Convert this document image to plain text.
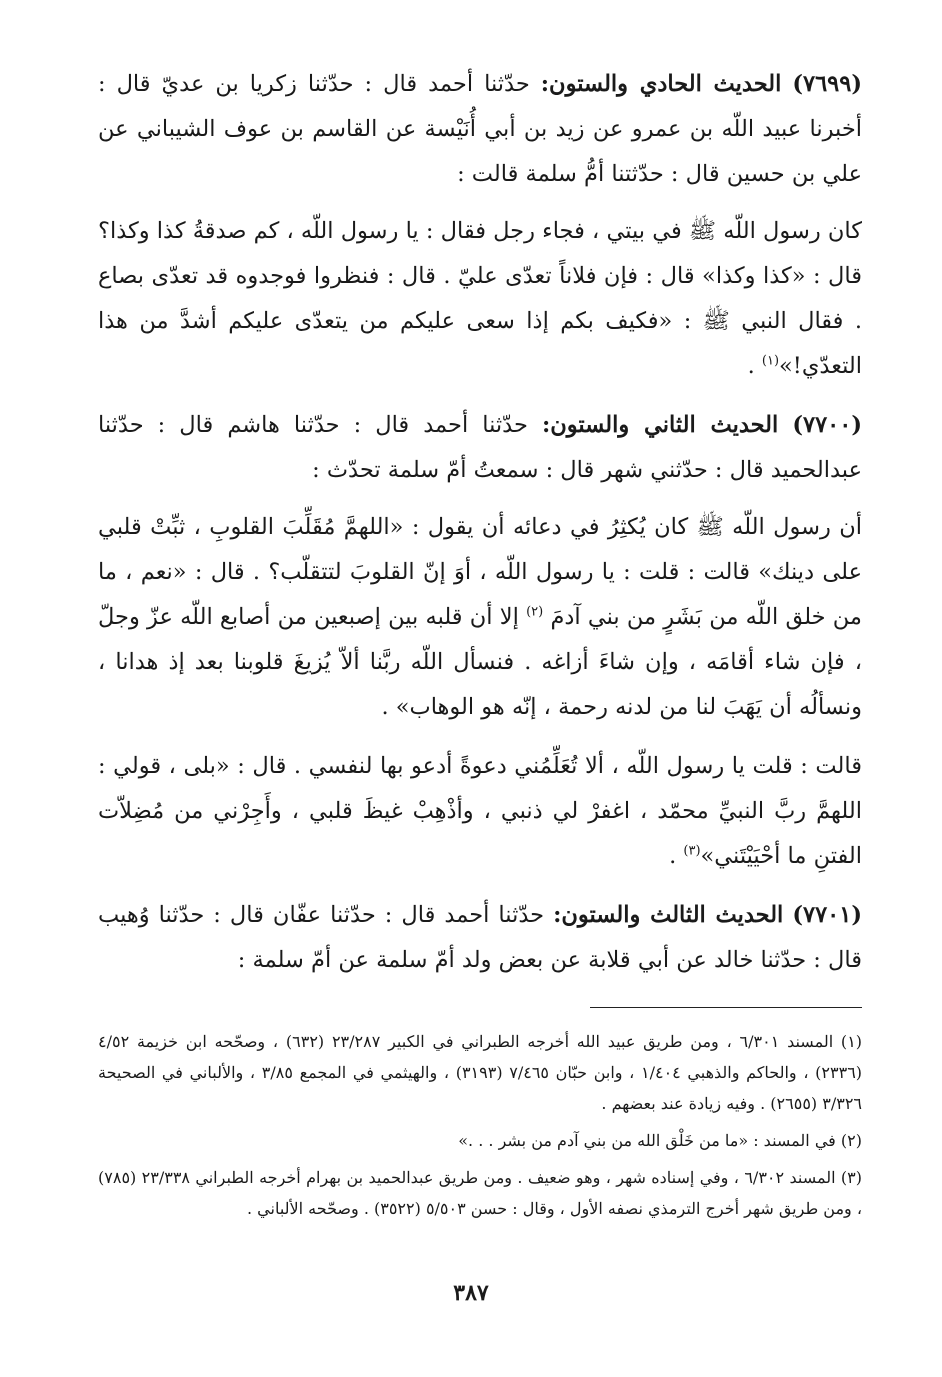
(٧٦٩٩) الحديث الحادي والستون: حدّثنا أحمد قال : حدّثنا زكريا بن عديّ قال : أخبرنا عبيد اللّه بن عمرو عن زيد بن أبي أُنَيْسة عن القاسم بن عوف الشيباني عن علي بن حسين قال : حدّثتنا أمُّ سلمة قالت :

كان رسول اللّه ﷺ في بيتي ، فجاء رجل فقال : يا رسول اللّه ، كم صدقةُ كذا وكذا؟ قال : «كذا وكذا» قال : فإن فلاناً تعدّى عليّ . قال : فنظروا فوجدوه قد تعدّى بصاع . فقال النبي ﷺ : «فكيف بكم إذا سعى عليكم من يتعدّى عليكم أشدَّ من هذا التعدّي!»$^{(١)}$ .

(٧٧٠٠) الحديث الثاني والستون: حدّثنا أحمد قال : حدّثنا هاشم قال : حدّثنا عبدالحميد قال : حدّثني شهر قال : سمعتُ أمّ سلمة تحدّث :

أن رسول اللّه ﷺ كان يُكثِرُ في دعائه أن يقول : «اللهمَّ مُقَلِّبَ القلوبِ ، ثبِّتْ قلبي على دينك» قالت : قلت : يا رسول اللّه ، أوَ إنّ القلوبَ لتتقلّب؟ . قال : «نعم ، ما من خلق اللّه من بَشَرٍ من بني آدمَ $^{(٢)}$ إلا أن قلبه بين إصبعين من أصابع اللّه عزّ وجلّ ، فإن شاء أقامَه ، وإن شاءَ أزاغه . فنسأل اللّه ربَّنا ألاّ يُزيغَ قلوبنا بعد إذ هدانا ، ونسألُه أن يَهَبَ لنا من لدنه رحمة ، إنّه هو الوهاب» .

قالت : قلت يا رسول اللّه ، ألا تُعَلِّمُني دعوةً أدعو بها لنفسي . قال : «بلى ، قولي : اللهمَّ ربَّ النبيِّ محمّد ، اغفرْ لي ذنبي ، وأذْهِبْ غيظَ قلبي ، وأَجِرْني من مُضِلاّت الفتنِ ما أحْيَيْتَني»$^{(٣)}$ .

(٧٧٠١) الحديث الثالث والستون: حدّثنا أحمد قال : حدّثنا عفّان قال : حدّثنا وُهيب قال : حدّثنا خالد عن أبي قلابة عن بعض ولد أمّ سلمة عن أمّ سلمة :

(١) المسند ٦/٣٠١ ، ومن طريق عبيد الله أخرجه الطبراني في الكبير ٢٣/٢٨٧ (٦٣٢) ، وصحّحه ابن خزيمة ٤/٥٢ (٢٣٣٦) ، والحاكم والذهبي ١/٤٠٤ ، وابن حبّان ٧/٤٦٥ (٣١٩٣) ، والهيثمي في المجمع ٣/٨٥ ، والألباني في الصحيحة ٣/٣٢٦ (٢٦٥٥) . وفيه زيادة عند بعضهم .

(٢) في المسند : «ما من خَلْق الله من بني آدم من بشر . . .»

(٣) المسند ٦/٣٠٢ ، وفي إسناده شهر ، وهو ضعيف . ومن طريق عبدالحميد بن بهرام أخرجه الطبراني ٢٣/٣٣٨ (٧٨٥) ، ومن طريق شهر أخرج الترمذي نصفه الأول ، وقال : حسن ٥/٥٠٣ (٣٥٢٢) . وصحّحه الألباني .

٣٨٧
